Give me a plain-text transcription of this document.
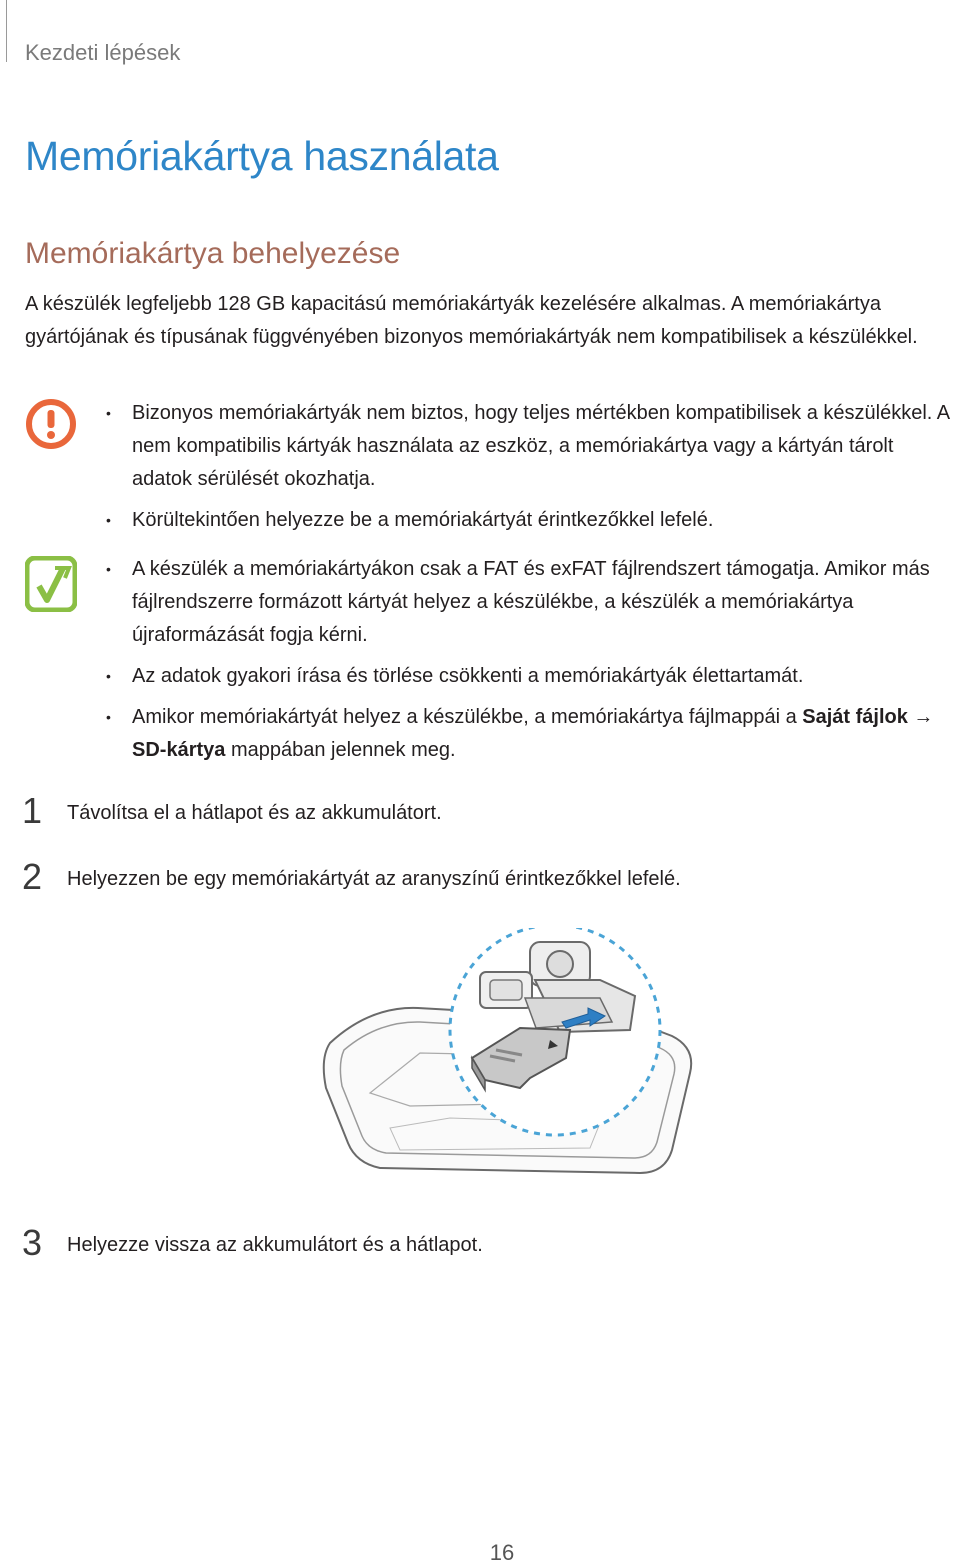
Kezdeti lépések
Memóriakártya használata
Memóriakártya behelyezése

A készülék legfeljebb 128 GB kapacitású memóriakártyák kezelésére alkalmas. A memóriakártya gyártójának és típusának függvényében bizonyos memóriakártyák nem kompatibilisek a készülékkel.

• Bizonyos memóriakártyák nem biztos, hogy teljes mértékben kompatibilisek a készülékkel. A nem kompatibilis kártyák használata az eszköz, a memóriakártya vagy a kártyán tárolt adatok sérülését okozhatja.
• Körültekintően helyezze be a memóriakártyát érintkezőkkel lefelé.
• A készülék a memóriakártyákon csak a FAT és exFAT fájlrendszert támogatja. Amikor más fájlrendszerre formázott kártyát helyez a készülékbe, a készülék a memóriakártya újraformázását fogja kérni.
• Az adatok gyakori írása és törlése csökkenti a memóriakártyák élettartamát.
• Amikor memóriakártyát helyez a készülékbe, a memóriakártya fájlmappái a Saját fájlok → SD-kártya mappában jelennek meg.
1 Távolítsa el a hátlapot és az akkumulátort.
2 Helyezzen be egy memóriakártyát az aranyszínű érintkezőkkel lefelé.
3 Helyezze vissza az akkumulátort és a hátlapot.
16
